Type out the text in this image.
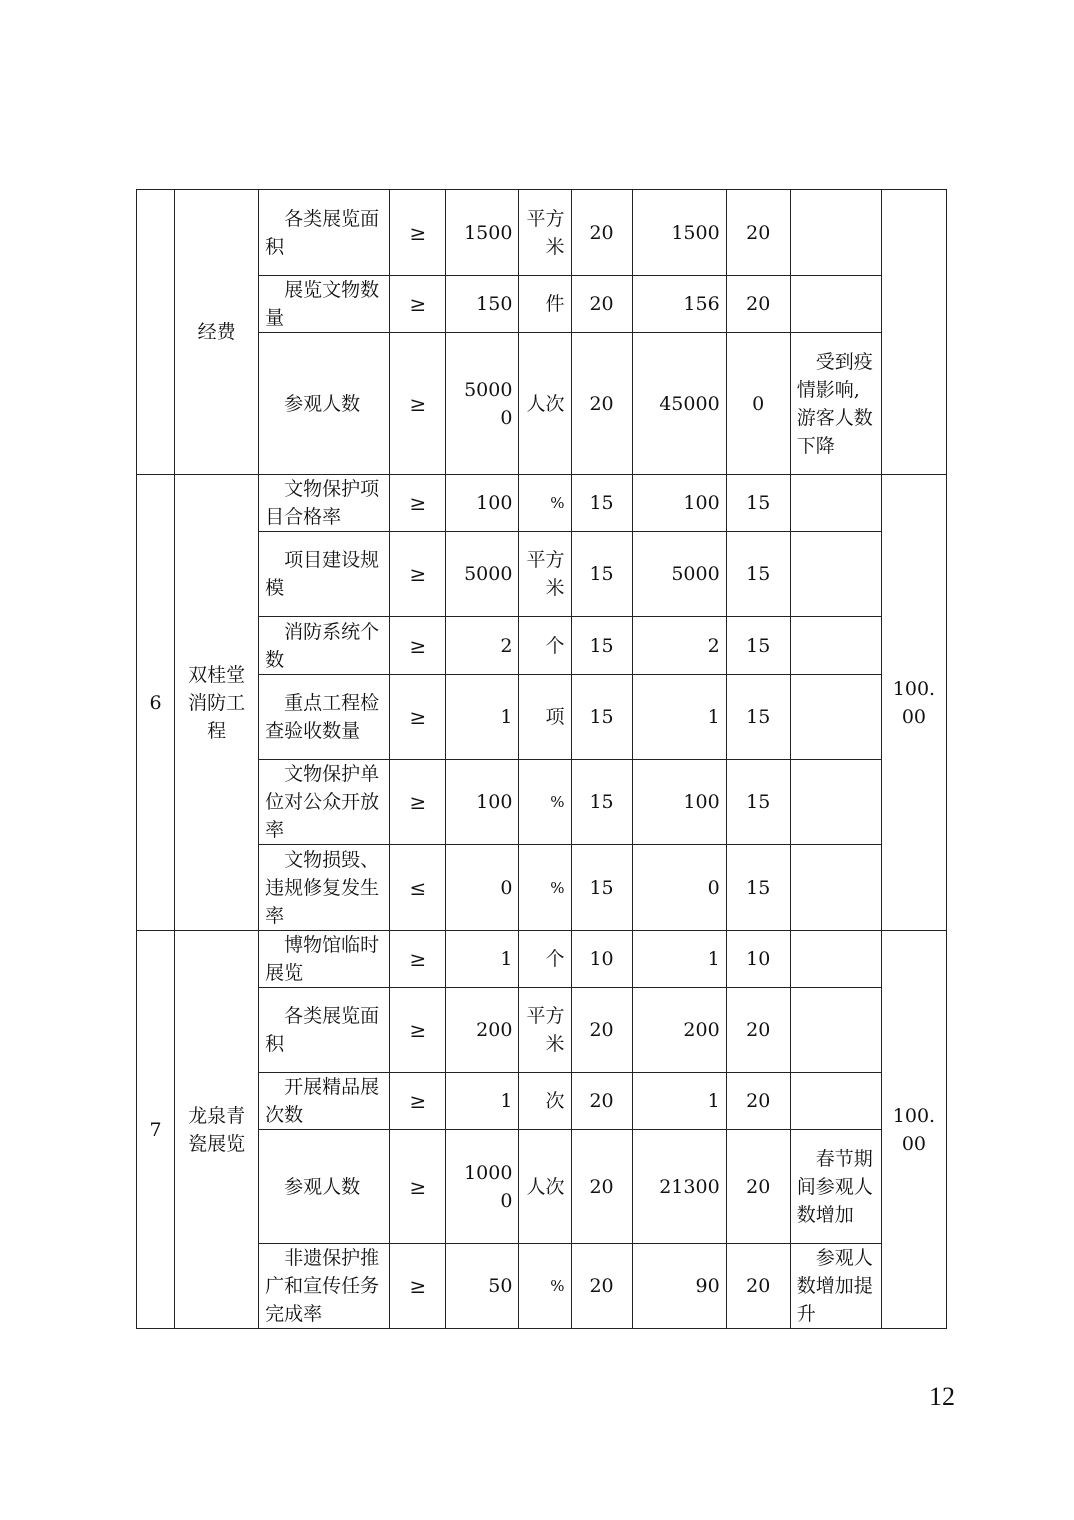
	经费	各类展览面积	≥	1500	平方米	20	1500	20		
		展览文物数量	≥	150	件	20	156	20		
		参观人数	≥	50000	人次	20	45000	0	受到疫情影响,游客人数下降	
6	双桂堂消防工程	文物保护项目合格率	≥	100	%	15	100	15		100.00
		项目建设规模	≥	5000	平方米	15	5000	15		
		消防系统个数	≥	2	个	15	2	15		
		重点工程检查验收数量	≥	1	项	15	1	15		
		文物保护单位对公众开放率	≥	100	%	15	100	15		
		文物损毁、违规修复发生率	≤	0	%	15	0	15		
7	龙泉青瓷展览	博物馆临时展览	≥	1	个	10	1	10		100.00
		各类展览面积	≥	200	平方米	20	200	20		
		开展精品展次数	≥	1	次	20	1	20		
		参观人数	≥	10000	人次	20	21300	20	春节期间参观人数增加	
		非遗保护推广和宣传任务完成率	≥	50	%	20	90	20	参观人数增加提升	
12
